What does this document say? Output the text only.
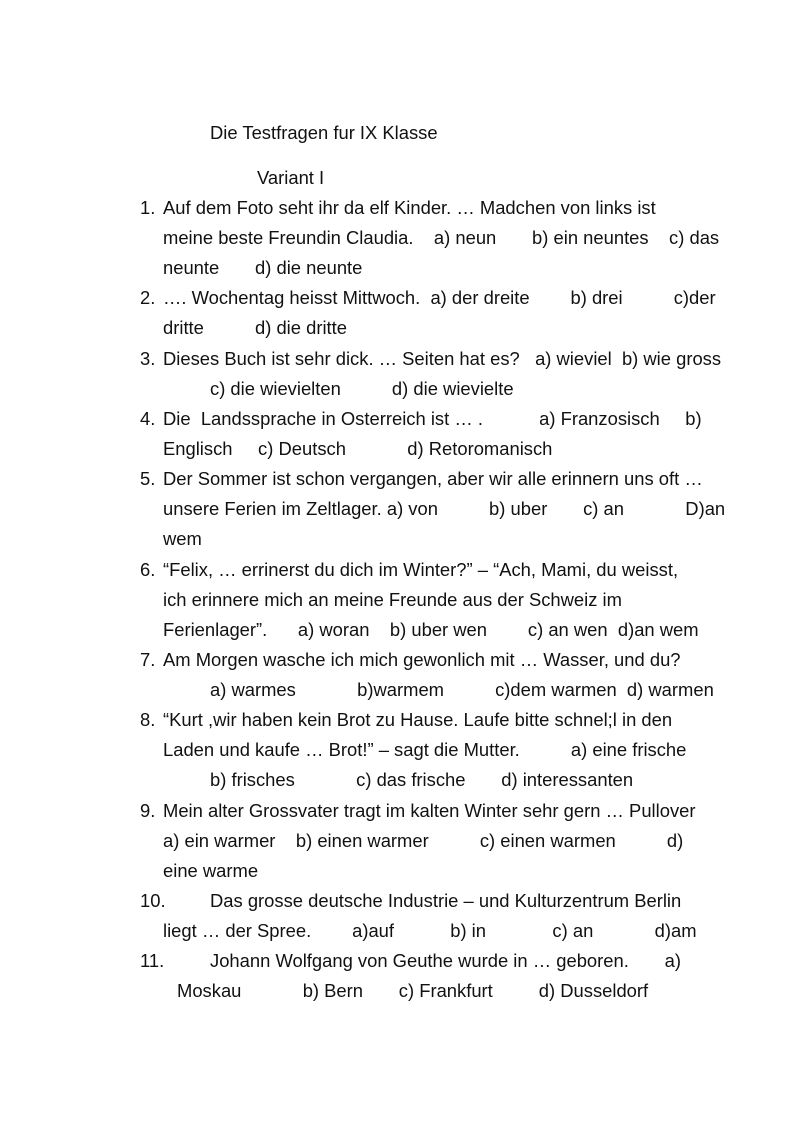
Die Testfragen fur IX Klasse

Variant I

1.

Auf dem Foto seht ihr da elf Kinder. … Madchen von links ist

meine beste Freundin Claudia.    a) neun       b) ein neuntes    c) das

neunte       d) die neunte

2.

…. Wochentag heisst Mittwoch.  a) der dreite        b) drei          c)der

dritte          d) die dritte

3.

Dieses Buch ist sehr dick. … Seiten hat es?   a) wieviel  b) wie gross

c) die wievielten          d) die wievielte

4.

Die  Landssprache in Osterreich ist … .           a) Franzosisch     b)

Englisch     c) Deutsch            d) Retoromanisch

5.

Der Sommer ist schon vergangen, aber wir alle erinnern uns oft …

unsere Ferien im Zeltlager. a) von          b) uber       c) an            D)an

wem

6.

“Felix, … errinerst du dich im Winter?” – “Ach, Mami, du weisst,

ich erinnere mich an meine Freunde aus der Schweiz im

Ferienlager”.      a) woran    b) uber wen        c) an wen  d)an wem

7.

Am Morgen wasche ich mich gewonlich mit … Wasser, und du?

a) warmes            b)warmem          c)dem warmen  d) warmen

8.

“Kurt ,wir haben kein Brot zu Hause. Laufe bitte schnel;l in den

Laden und kaufe … Brot!” – sagt die Mutter.          a) eine frische

b) frisches            c) das frische       d) interessanten

9.

Mein alter Grossvater tragt im kalten Winter sehr gern … Pullover

a) ein warmer    b) einen warmer          c) einen warmen          d)

eine warme

10.

Das grosse deutsche Industrie – und Kulturzentrum Berlin

liegt … der Spree.        a)auf           b) in             c) an            d)am

11.

Johann Wolfgang von Geuthe wurde in … geboren.       a)

Moskau            b) Bern       c) Frankfurt         d) Dusseldorf
